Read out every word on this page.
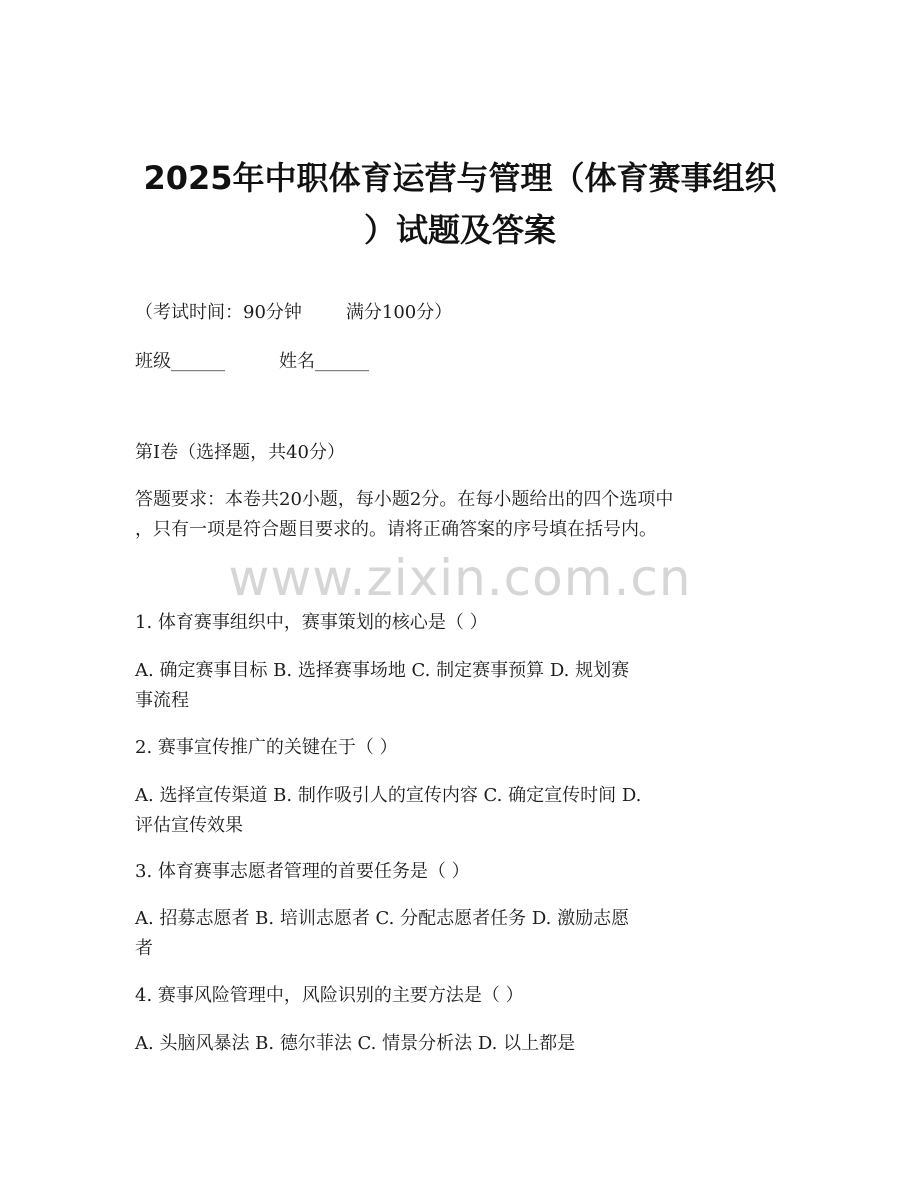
2025年中职体育运营与管理（体育赛事组织
）试题及答案
（考试时间：90分钟 满分100分）
班级______	姓名______
第I卷（选择题，共40分）
答题要求：本卷共20小题，每小题2分。在每小题给出的四个选项中
，只有一项是符合题目要求的。请将正确答案的序号填在括号内。
www.zixin.com.cn
1. 体育赛事组织中，赛事策划的核心是（ ）
A. 确定赛事目标 B. 选择赛事场地 C. 制定赛事预算 D. 规划赛
事流程
2. 赛事宣传推广的关键在于（ ）
A. 选择宣传渠道 B. 制作吸引人的宣传内容 C. 确定宣传时间 D.
评估宣传效果
3. 体育赛事志愿者管理的首要任务是（ ）
A. 招募志愿者 B. 培训志愿者 C. 分配志愿者任务 D. 激励志愿
者
4. 赛事风险管理中，风险识别的主要方法是（ ）
A. 头脑风暴法 B. 德尔菲法 C. 情景分析法 D. 以上都是
